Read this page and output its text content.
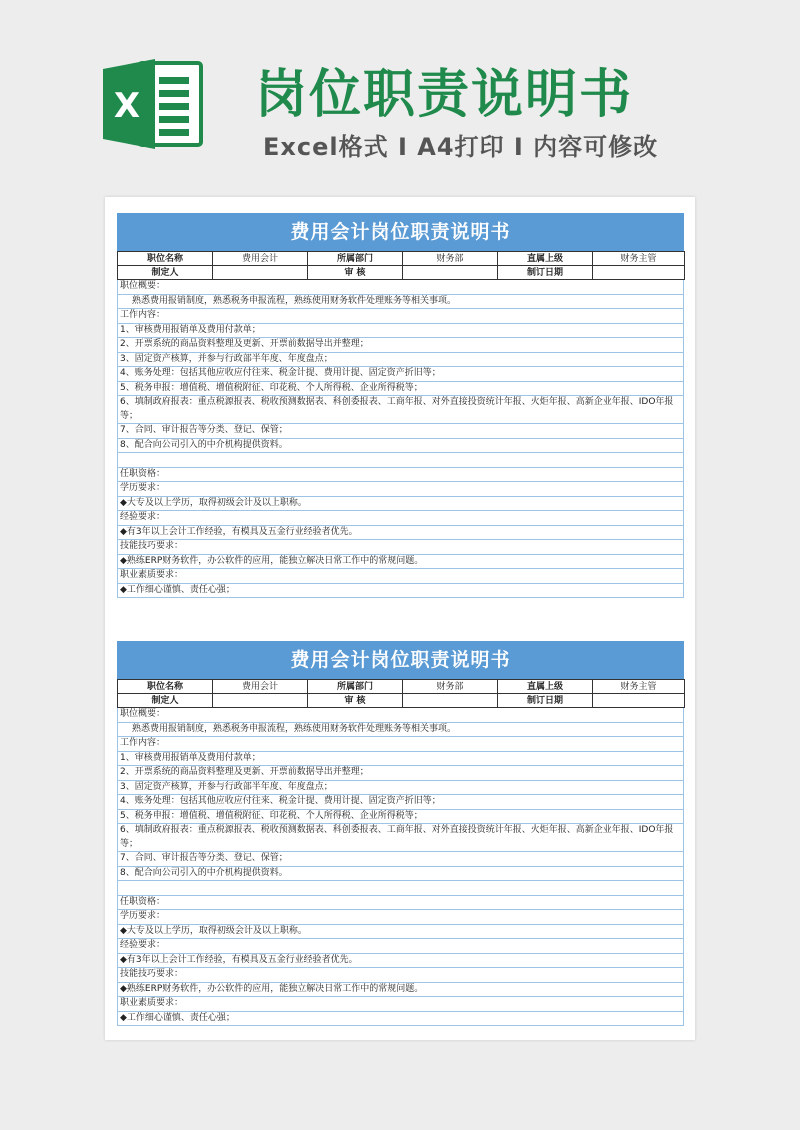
X 岗位职责说明书
Excel格式 I A4打印 I 内容可修改
费用会计岗位职责说明书
职位名称	费用会计	所属部门	财务部	直属上级	财务主管
制定人		审 核		制订日期	
职位概要：
熟悉费用报销制度，熟悉税务申报流程，熟练使用财务软件处理账务等相关事项。
工作内容：
1、审核费用报销单及费用付款单；
2、开票系统的商品资料整理及更新、开票前数据导出并整理；
3、固定资产核算，并参与行政部半年度、年度盘点；
4、账务处理：包括其他应收应付往来、税金计提、费用计提、固定资产折旧等；
5、税务申报：增值税、增值税附征、印花税、个人所得税、企业所得税等；
6、填制政府报表：重点税源报表、税收预测数据表、科创委报表、工商年报、对外直接投资统计年报、火炬年报、高新企业年报、IDO年报等；
7、合同、审计报告等分类、登记、保管；
8、配合向公司引入的中介机构提供资料。
任职资格：
学历要求：
◆大专及以上学历，取得初级会计及以上职称。
经验要求：
◆有3年以上会计工作经验，有模具及五金行业经验者优先。
技能技巧要求：
◆熟练ERP财务软件，办公软件的应用，能独立解决日常工作中的常规问题。
职业素质要求：
◆工作细心谨慎、责任心强；
费用会计岗位职责说明书
职位名称	费用会计	所属部门	财务部	直属上级	财务主管
制定人		审 核		制订日期	
职位概要：
熟悉费用报销制度，熟悉税务申报流程，熟练使用财务软件处理账务等相关事项。
工作内容：
1、审核费用报销单及费用付款单；
2、开票系统的商品资料整理及更新、开票前数据导出并整理；
3、固定资产核算，并参与行政部半年度、年度盘点；
4、账务处理：包括其他应收应付往来、税金计提、费用计提、固定资产折旧等；
5、税务申报：增值税、增值税附征、印花税、个人所得税、企业所得税等；
6、填制政府报表：重点税源报表、税收预测数据表、科创委报表、工商年报、对外直接投资统计年报、火炬年报、高新企业年报、IDO年报等；
7、合同、审计报告等分类、登记、保管；
8、配合向公司引入的中介机构提供资料。
任职资格：
学历要求：
◆大专及以上学历，取得初级会计及以上职称。
经验要求：
◆有3年以上会计工作经验，有模具及五金行业经验者优先。
技能技巧要求：
◆熟练ERP财务软件，办公软件的应用，能独立解决日常工作中的常规问题。
职业素质要求：
◆工作细心谨慎、责任心强；
